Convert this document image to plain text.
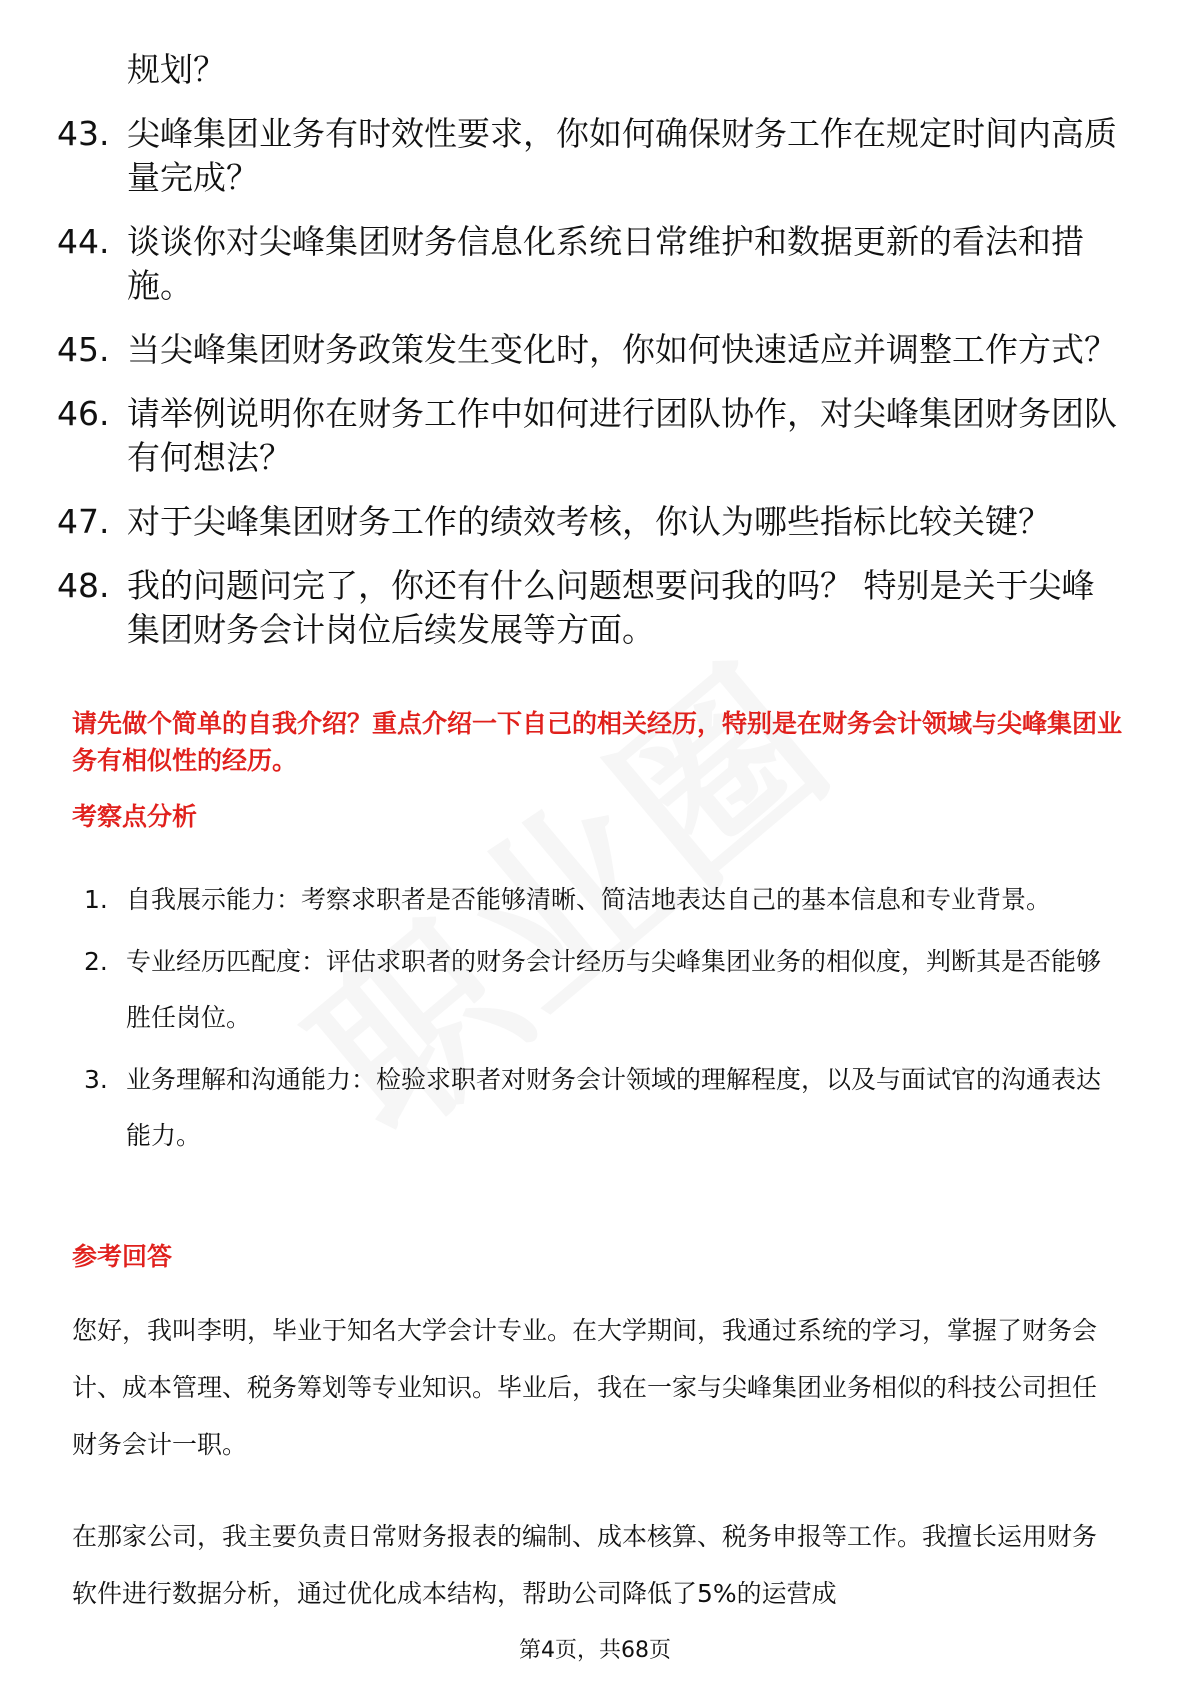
规划？
43. 尖峰集团业务有时效性要求，你如何确保财务工作在规定时间内高质量完成？
44. 谈谈你对尖峰集团财务信息化系统日常维护和数据更新的看法和措施。
45. 当尖峰集团财务政策发生变化时，你如何快速适应并调整工作方式？
46. 请举例说明你在财务工作中如何进行团队协作，对尖峰集团财务团队有何想法？
47. 对于尖峰集团财务工作的绩效考核，你认为哪些指标比较关键？
48. 我的问题问完了，你还有什么问题想要问我的吗？ 特别是关于尖峰集团财务会计岗位后续发展等方面。
请先做个简单的自我介绍？重点介绍一下自己的相关经历，特别是在财务会计领域与尖峰集团业务有相似性的经历。
考察点分析
1. 自我展示能力：考察求职者是否能够清晰、简洁地表达自己的基本信息和专业背景。
2. 专业经历匹配度：评估求职者的财务会计经历与尖峰集团业务的相似度，判断其是否能够胜任岗位。
3. 业务理解和沟通能力：检验求职者对财务会计领域的理解程度，以及与面试官的沟通表达能力。
参考回答
您好，我叫李明，毕业于知名大学会计专业。在大学期间，我通过系统的学习，掌握了财务会计、成本管理、税务筹划等专业知识。毕业后，我在一家与尖峰集团业务相似的科技公司担任财务会计一职。
在那家公司，我主要负责日常财务报表的编制、成本核算、税务申报等工作。我擅长运用财务软件进行数据分析，通过优化成本结构，帮助公司降低了5%的运营成
第4页，共68页
